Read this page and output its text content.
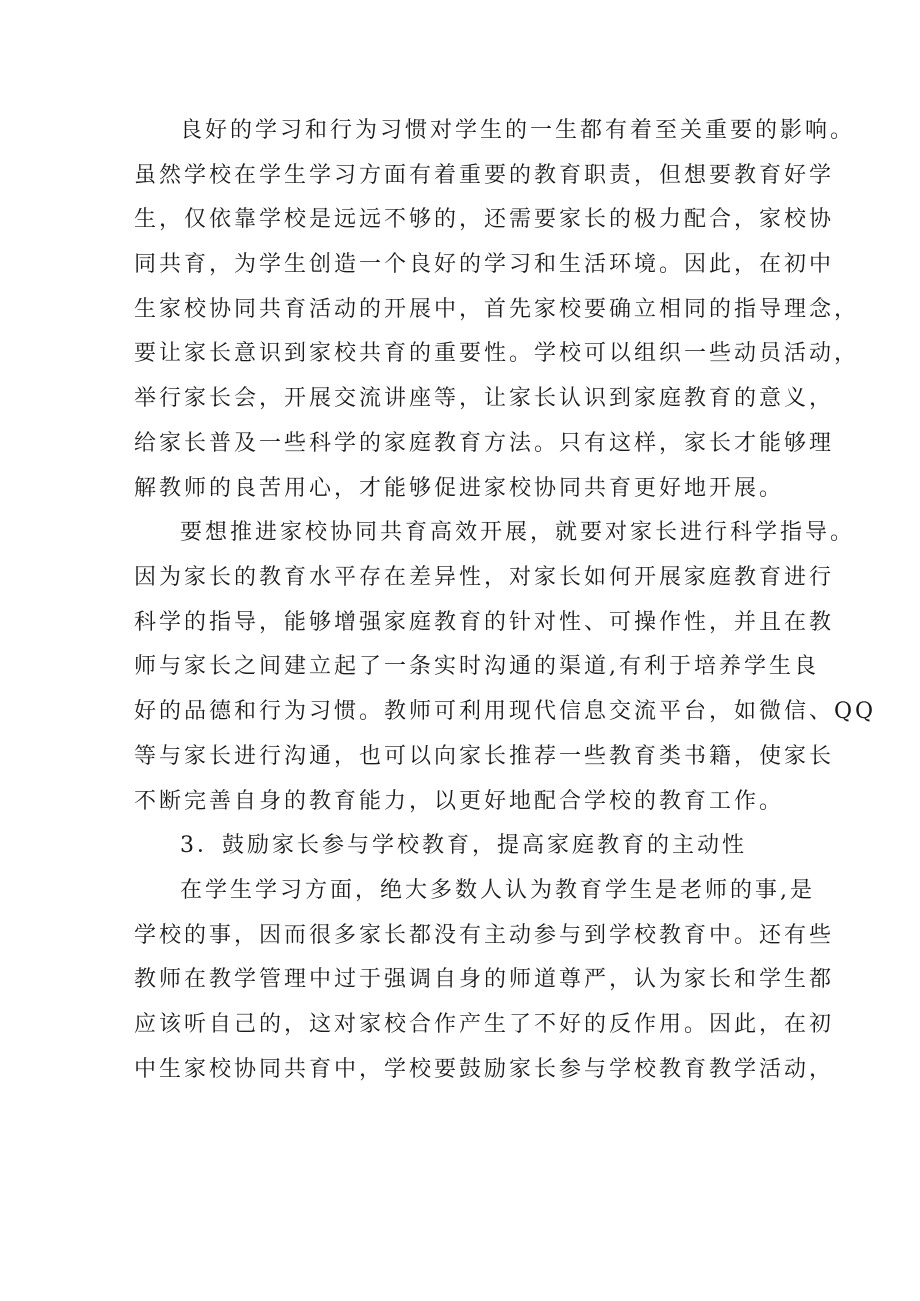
良好的学习和行为习惯对学生的一生都有着至关重要的影响。

虽然学校在学生学习方面有着重要的教育职责，但想要教育好学

生，仅依靠学校是远远不够的，还需要家长的极力配合，家校协

同共育，为学生创造一个良好的学习和生活环境。因此，在初中

生家校协同共育活动的开展中，首先家校要确立相同的指导理念，

要让家长意识到家校共育的重要性。学校可以组织一些动员活动，

举行家长会，开展交流讲座等，让家长认识到家庭教育的意义，

给家长普及一些科学的家庭教育方法。只有这样，家长才能够理

解教师的良苦用心，才能够促进家校协同共育更好地开展。

要想推进家校协同共育高效开展，就要对家长进行科学指导。

因为家长的教育水平存在差异性，对家长如何开展家庭教育进行

科学的指导，能够增强家庭教育的针对性、可操作性，并且在教

师与家长之间建立起了一条实时沟通的渠道,有利于培养学生良

好的品德和行为习惯。教师可利用现代信息交流平台，如微信、QQ

等与家长进行沟通，也可以向家长推荐一些教育类书籍，使家长

不断完善自身的教育能力，以更好地配合学校的教育工作。

3．鼓励家长参与学校教育，提高家庭教育的主动性

在学生学习方面，绝大多数人认为教育学生是老师的事,是

学校的事，因而很多家长都没有主动参与到学校教育中。还有些

教师在教学管理中过于强调自身的师道尊严，认为家长和学生都

应该听自己的，这对家校合作产生了不好的反作用。因此，在初

中生家校协同共育中，学校要鼓励家长参与学校教育教学活动，
